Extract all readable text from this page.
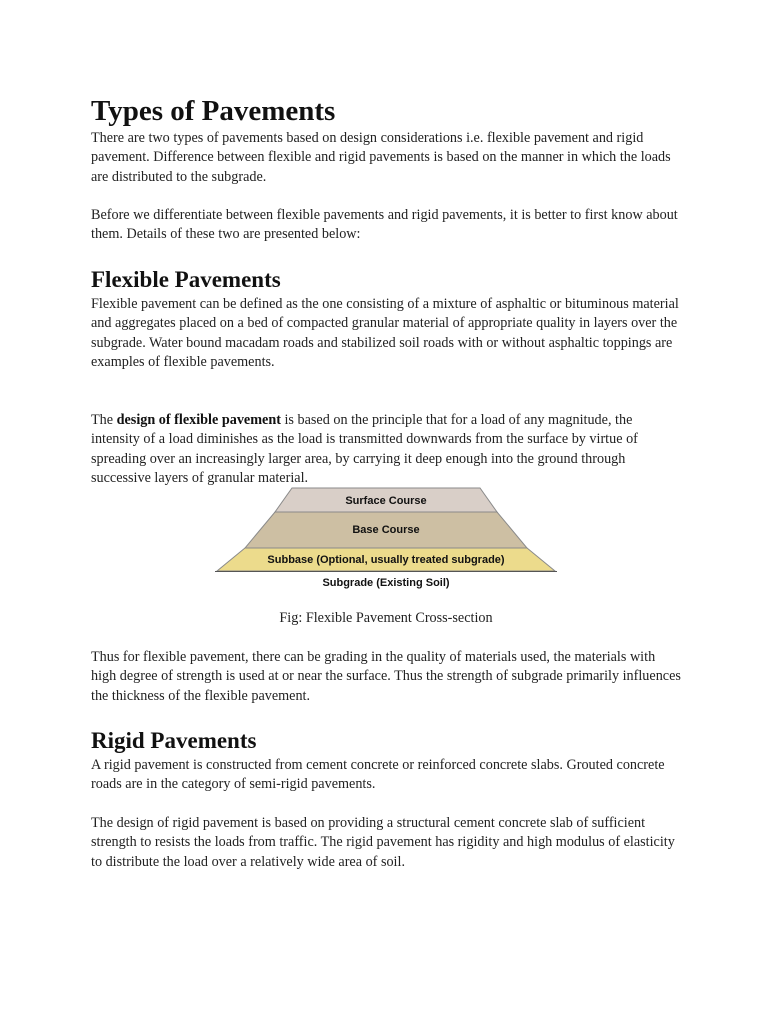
Types of Pavements

There are two types of pavements based on design considerations i.e. flexible pavement and rigid pavement. Difference between flexible and rigid pavements is based on the manner in which the loads are distributed to the subgrade.

Before we differentiate between flexible pavements and rigid pavements, it is better to first know about them. Details of these two are presented below:

Flexible Pavements

Flexible pavement can be defined as the one consisting of a mixture of asphaltic or bituminous material and aggregates placed on a bed of compacted granular material of appropriate quality in layers over the subgrade. Water bound macadam roads and stabilized soil roads with or without asphaltic toppings are examples of flexible pavements.

The design of flexible pavement is based on the principle that for a load of any magnitude, the intensity of a load diminishes as the load is transmitted downwards from the surface by virtue of spreading over an increasingly larger area, by carrying it deep enough into the ground through successive layers of granular material.

Surface Course
Base Course
Subbase (Optional, usually treated subgrade)
Subgrade (Existing Soil)

Fig: Flexible Pavement Cross-section

Thus for flexible pavement, there can be grading in the quality of materials used, the materials with high degree of strength is used at or near the surface. Thus the strength of subgrade primarily influences the thickness of the flexible pavement.

Rigid Pavements

A rigid pavement is constructed from cement concrete or reinforced concrete slabs. Grouted concrete roads are in the category of semi-rigid pavements.

The design of rigid pavement is based on providing a structural cement concrete slab of sufficient strength to resists the loads from traffic. The rigid pavement has rigidity and high modulus of elasticity to distribute the load over a relatively wide area of soil.
